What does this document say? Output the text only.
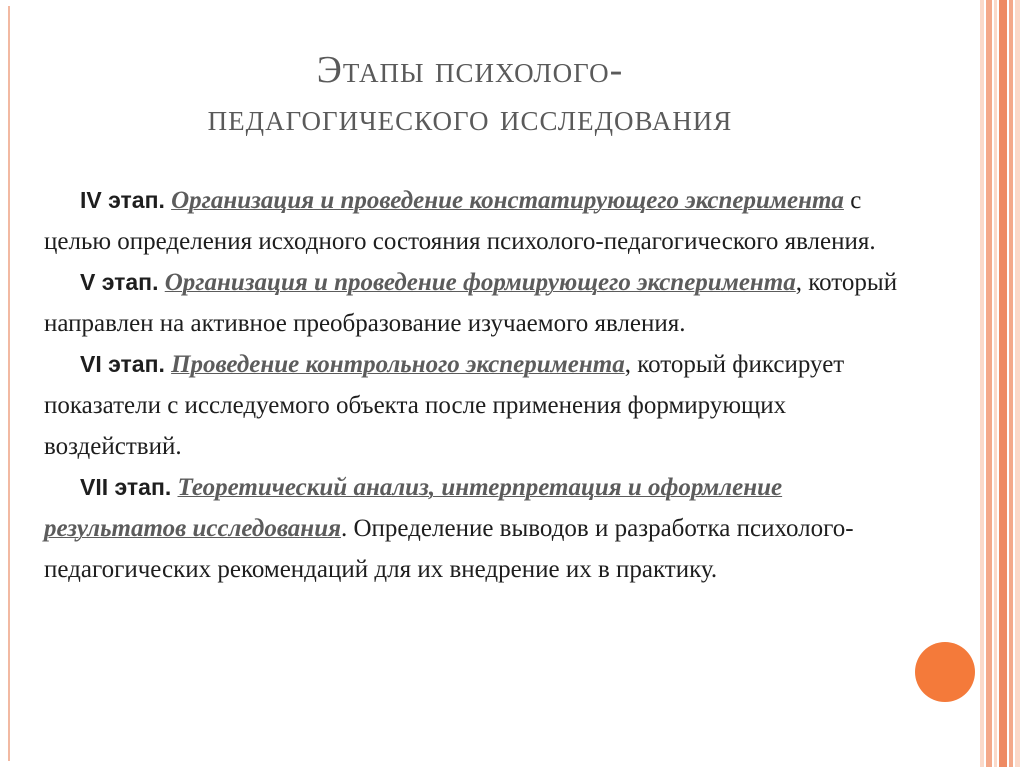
Этапы психолого-
педагогического исследования

IV этап. Организация и проведение констатирующего эксперимента с целью определения исходного состояния психолого-педагогического явления.

V этап. Организация и проведение формирующего эксперимента, который направлен на активное преобразование изучаемого явления.

VI этап. Проведение контрольного эксперимента, который фиксирует показатели с исследуемого объекта после применения формирующих воздействий.

VII этап. Теоретический анализ, интерпретация и оформление результатов исследования. Определение выводов и разработка психолого-педагогических рекомендаций для их внедрение их в практику.
